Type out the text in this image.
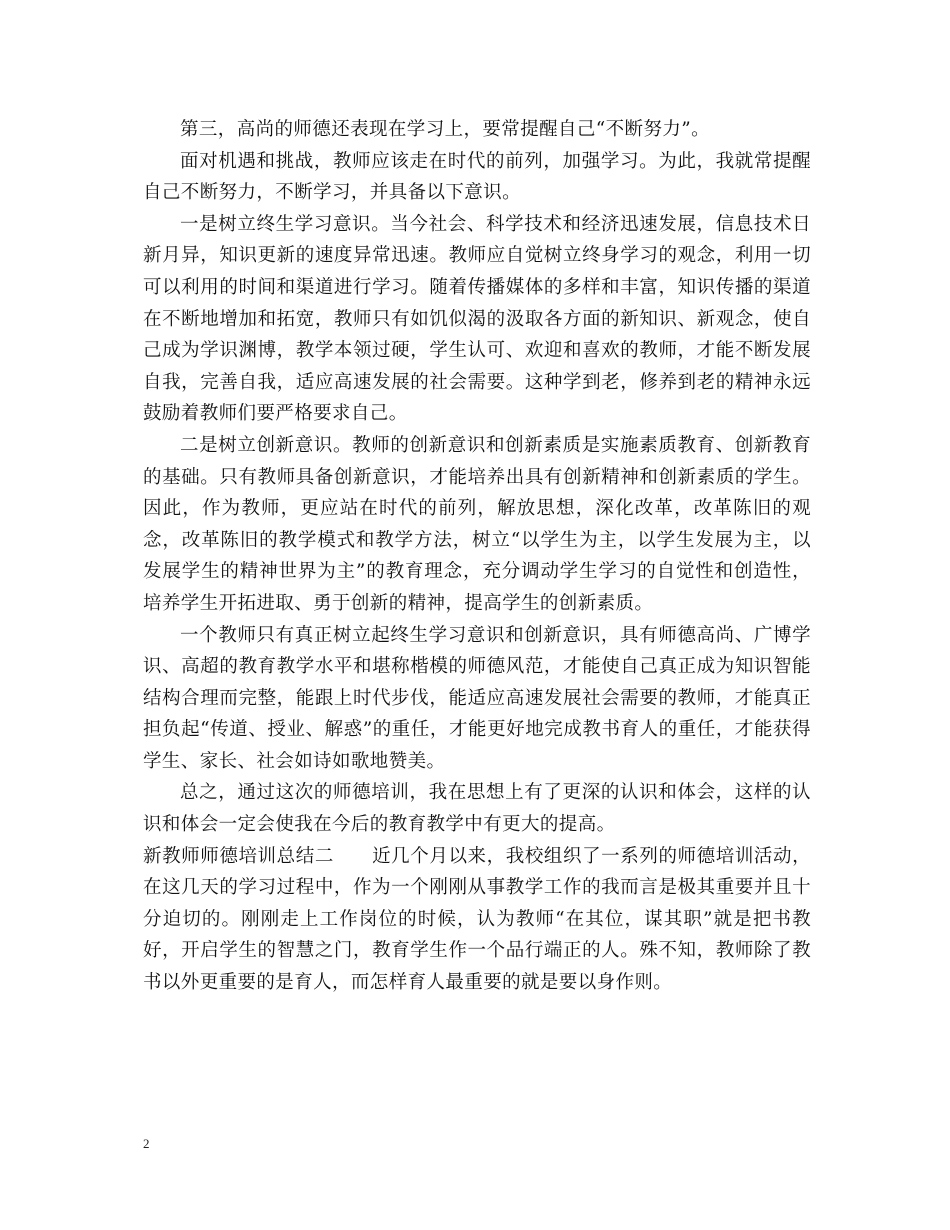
第三，高尚的师德还表现在学习上，要常提醒自己“不断努力”。

面对机遇和挑战，教师应该走在时代的前列，加强学习。为此，我就常提醒自己不断努力，不断学习，并具备以下意识。

一是树立终生学习意识。当今社会、科学技术和经济迅速发展，信息技术日新月异，知识更新的速度异常迅速。教师应自觉树立终身学习的观念，利用一切可以利用的时间和渠道进行学习。随着传播媒体的多样和丰富，知识传播的渠道在不断地增加和拓宽，教师只有如饥似渴的汲取各方面的新知识、新观念，使自己成为学识渊博，教学本领过硬，学生认可、欢迎和喜欢的教师，才能不断发展自我，完善自我，适应高速发展的社会需要。这种学到老，修养到老的精神永远鼓励着教师们要严格要求自己。

二是树立创新意识。教师的创新意识和创新素质是实施素质教育、创新教育的基础。只有教师具备创新意识，才能培养出具有创新精神和创新素质的学生。因此，作为教师，更应站在时代的前列，解放思想，深化改革，改革陈旧的观念，改革陈旧的教学模式和教学方法，树立“以学生为主，以学生发展为主，以发展学生的精神世界为主”的教育理念，充分调动学生学习的自觉性和创造性，培养学生开拓进取、勇于创新的精神，提高学生的创新素质。

一个教师只有真正树立起终生学习意识和创新意识，具有师德高尚、广博学识、高超的教育教学水平和堪称楷模的师德风范，才能使自己真正成为知识智能结构合理而完整，能跟上时代步伐，能适应高速发展社会需要的教师，才能真正担负起“传道、授业、解惑”的重任，才能更好地完成教书育人的重任，才能获得学生、家长、社会如诗如歌地赞美。

总之，通过这次的师德培训，我在思想上有了更深的认识和体会，这样的认识和体会一定会使我在今后的教育教学中有更大的提高。

新教师师德培训总结二　　近几个月以来，我校组织了一系列的师德培训活动，在这几天的学习过程中，作为一个刚刚从事教学工作的我而言是极其重要并且十分迫切的。刚刚走上工作岗位的时候，认为教师“在其位，谋其职”就是把书教好，开启学生的智慧之门，教育学生作一个品行端正的人。殊不知，教师除了教书以外更重要的是育人，而怎样育人最重要的就是要以身作则。

2
